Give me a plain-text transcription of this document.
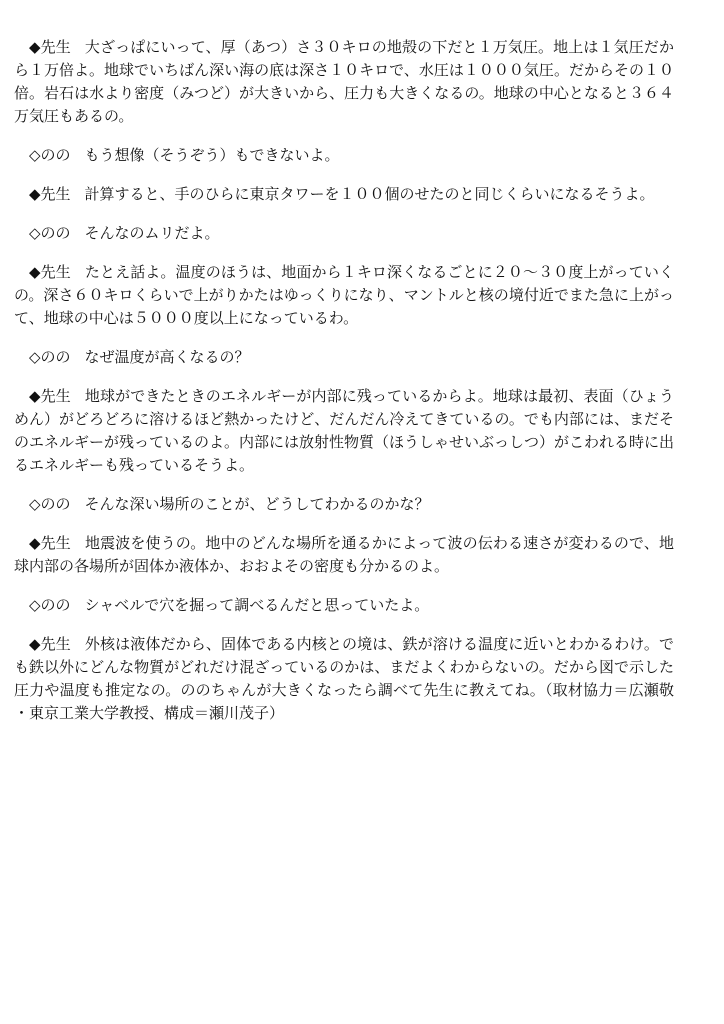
◆先生 大ざっぱにいって、厚（あつ）さ３０キロの地殻の下だと１万気圧。地上は１気圧だから１万倍よ。地球でいちばん深い海の底は深さ１０キロで、水圧は１０００気圧。だからその１０倍。岩石は水より密度（みつど）が大きいから、圧力も大きくなるの。地球の中心となると３６４万気圧もあるの。

◇のの もう想像（そうぞう）もできないよ。

◆先生 計算すると、手のひらに東京タワーを１００個のせたのと同じくらいになるそうよ。

◇のの そんなのムリだよ。

◆先生 たとえ話よ。温度のほうは、地面から１キロ深くなるごとに２０～３０度上がっていくの。深さ６０キロくらいで上がりかたはゆっくりになり、マントルと核の境付近でまた急に上がって、地球の中心は５０００度以上になっているわ。

◇のの なぜ温度が高くなるの？

◆先生 地球ができたときのエネルギーが内部に残っているからよ。地球は最初、表面（ひょうめん）がどろどろに溶けるほど熱かったけど、だんだん冷えてきているの。でも内部には、まだそのエネルギーが残っているのよ。内部には放射性物質（ほうしゃせいぶっしつ）がこわれる時に出るエネルギーも残っているそうよ。

◇のの そんな深い場所のことが、どうしてわかるのかな？

◆先生 地震波を使うの。地中のどんな場所を通るかによって波の伝わる速さが変わるので、地球内部の各場所が固体か液体か、おおよその密度も分かるのよ。

◇のの シャベルで穴を掘って調べるんだと思っていたよ。

◆先生 外核は液体だから、固体である内核との境は、鉄が溶ける温度に近いとわかるわけ。でも鉄以外にどんな物質がどれだけ混ざっているのかは、まだよくわからないの。だから図で示した圧力や温度も推定なの。ののちゃんが大きくなったら調べて先生に教えてね。（取材協力＝広瀬敬・東京工業大学教授、構成＝瀬川茂子）
